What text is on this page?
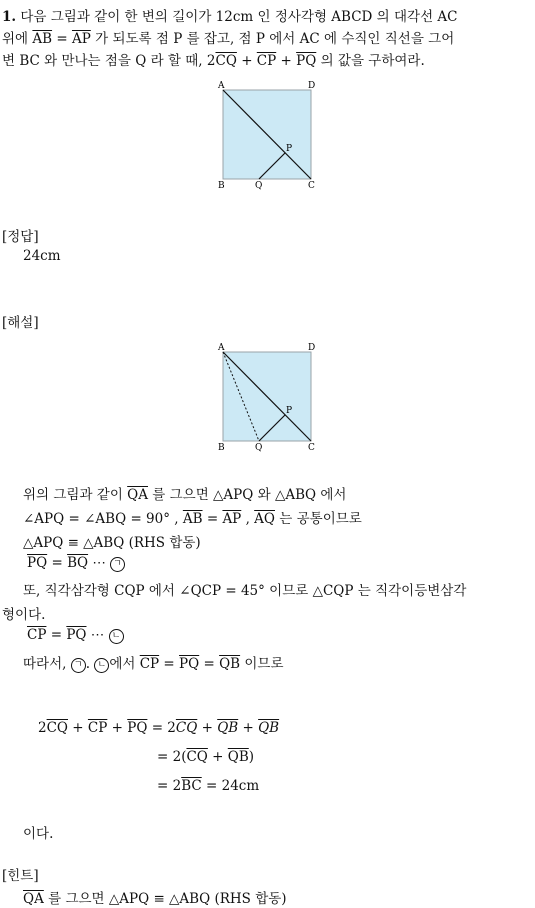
1. 다음 그림과 같이 한 변의 길이가 12cm 인 정사각형 ABCD 의 대각선 AC
위에 $\overline{AB} = \overline{AP}$ 가 되도록 점 P 를 잡고, 점 P 에서 AC 에 수직인 직선을 그어
변 BC 와 만나는 점을 Q 라 할 때, $2\overline{CQ} + \overline{CP} + \overline{PQ}$ 의 값을 구하여라.
A	D
B	C
Q
P
[정답]
24cm
[해설]
A	D
B	C
Q
P
위의 그림과 같이 $\overline{QA}$ 를 그으면 △APQ 와 △ABQ 에서
∠APQ = ∠ABQ = 90° , $\overline{AB} = \overline{AP}$ , $\overline{AQ}$ 는 공통이므로
△APQ ≡ △ABQ (RHS 합동)
$\overline{PQ} = \overline{BQ}$ ⋯ ㄱ
또, 직각삼각형 CQP 에서 ∠QCP = 45° 이므로 △CQP 는 직각이등변삼각
형이다.
$\overline{CP} = \overline{PQ}$ ⋯ ㄴ
따라서, ㄱ . ㄴ 에서 $\overline{CP} = \overline{PQ} = \overline{QB}$ 이므로
$2\overline{CQ} + \overline{CP} + \overline{PQ} = 2\overline{CQ} + \overline{QB} + \overline{QB}$
= $2(\overline{CQ} + \overline{QB})$
= $2\overline{BC} = 24cm$
이다.
[힌트]
$\overline{QA}$ 를 그으면 △APQ ≡ △ABQ (RHS 합동)
